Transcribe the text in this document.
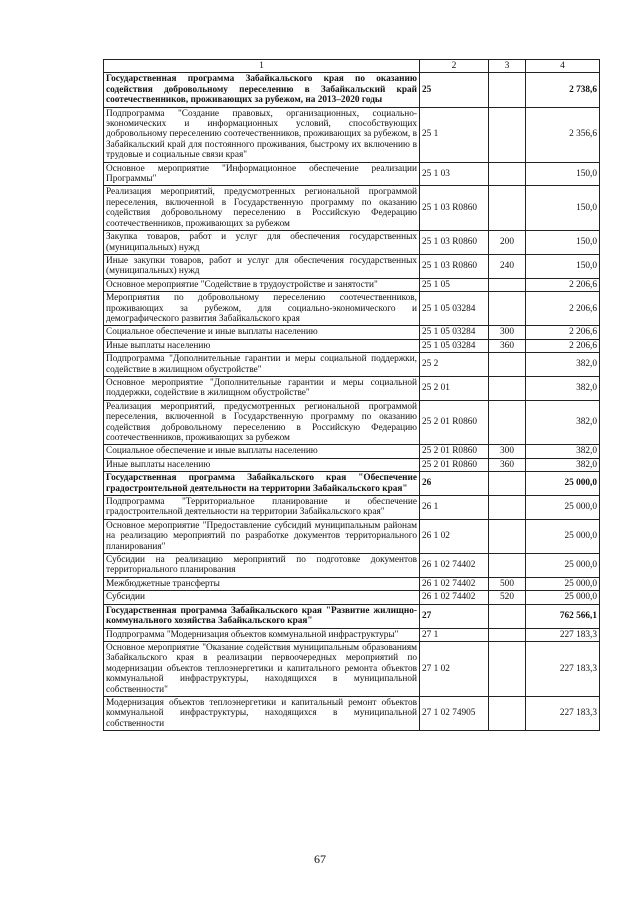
1	2	3	4
Государственная программа Забайкальского края по оказанию содействия добровольному переселению в Забайкальский край соотечественников, проживающих за рубежом, на 2013–2020 годы	25		2 738,6
Подпрограмма "Создание правовых, организационных, социально-экономических и информационных условий, способствующих добровольному переселению соотечественников, проживающих за рубежом, в Забайкальский край для постоянного проживания, быстрому их включению в трудовые и социальные связи края"	25 1		2 356,6
Основное мероприятие "Информационное обеспечение реализации Программы"	25 1 03		150,0
Реализация мероприятий, предусмотренных региональной программой переселения, включенной в Государственную программу по оказанию содействия добровольному переселению в Российскую Федерацию соотечественников, проживающих за рубежом	25 1 03 R0860		150,0
Закупка товаров, работ и услуг для обеспечения государственных (муниципальных) нужд	25 1 03 R0860	200	150,0
Иные закупки товаров, работ и услуг для обеспечения государственных (муниципальных) нужд	25 1 03 R0860	240	150,0
Основное мероприятие "Содействие в трудоустройстве и занятости"	25 1 05		2 206,6
Мероприятия по добровольному переселению соотечественников, проживающих за рубежом, для социально-экономического и демографического развития Забайкальского края	25 1 05 03284		2 206,6
Социальное обеспечение и иные выплаты населению	25 1 05 03284	300	2 206,6
Иные выплаты населению	25 1 05 03284	360	2 206,6
Подпрограмма "Дополнительные гарантии и меры социальной поддержки, содействие в жилищном обустройстве"	25 2		382,0
Основное мероприятие "Дополнительные гарантии и меры социальной поддержки, содействие в жилищном обустройстве"	25 2 01		382,0
Реализация мероприятий, предусмотренных региональной программой переселения, включенной в Государственную программу по оказанию содействия добровольному переселению в Российскую Федерацию соотечественников, проживающих за рубежом	25 2 01 R0860		382,0
Социальное обеспечение и иные выплаты населению	25 2 01 R0860	300	382,0
Иные выплаты населению	25 2 01 R0860	360	382,0
Государственная программа Забайкальского края "Обеспечение градостроительной деятельности на территории Забайкальского края"	26		25 000,0
Подпрограмма "Территориальное планирование и обеспечение градостроительной деятельности на территории Забайкальского края"	26 1		25 000,0
Основное мероприятие "Предоставление субсидий муниципальным районам на реализацию мероприятий по разработке документов территориального планирования"	26 1 02		25 000,0
Субсидии на реализацию мероприятий по подготовке документов территориального планирования	26 1 02 74402		25 000,0
Межбюджетные трансферты	26 1 02 74402	500	25 000,0
Субсидии	26 1 02 74402	520	25 000,0
Государственная программа Забайкальского края "Развитие жилищно-коммунального хозяйства Забайкальского края"	27		762 566,1
Подпрограмма "Модернизация объектов коммунальной инфраструктуры"	27 1		227 183,3
Основное мероприятие "Оказание содействия муниципальным образованиям Забайкальского края в реализации первоочередных мероприятий по модернизации объектов теплоэнергетики и капитального ремонта объектов коммунальной инфраструктуры, находящихся в муниципальной собственности"	27 1 02		227 183,3
Модернизация объектов теплоэнергетики и капитальный ремонт объектов коммунальной инфраструктуры, находящихся в муниципальной собственности	27 1 02 74905		227 183,3
67
